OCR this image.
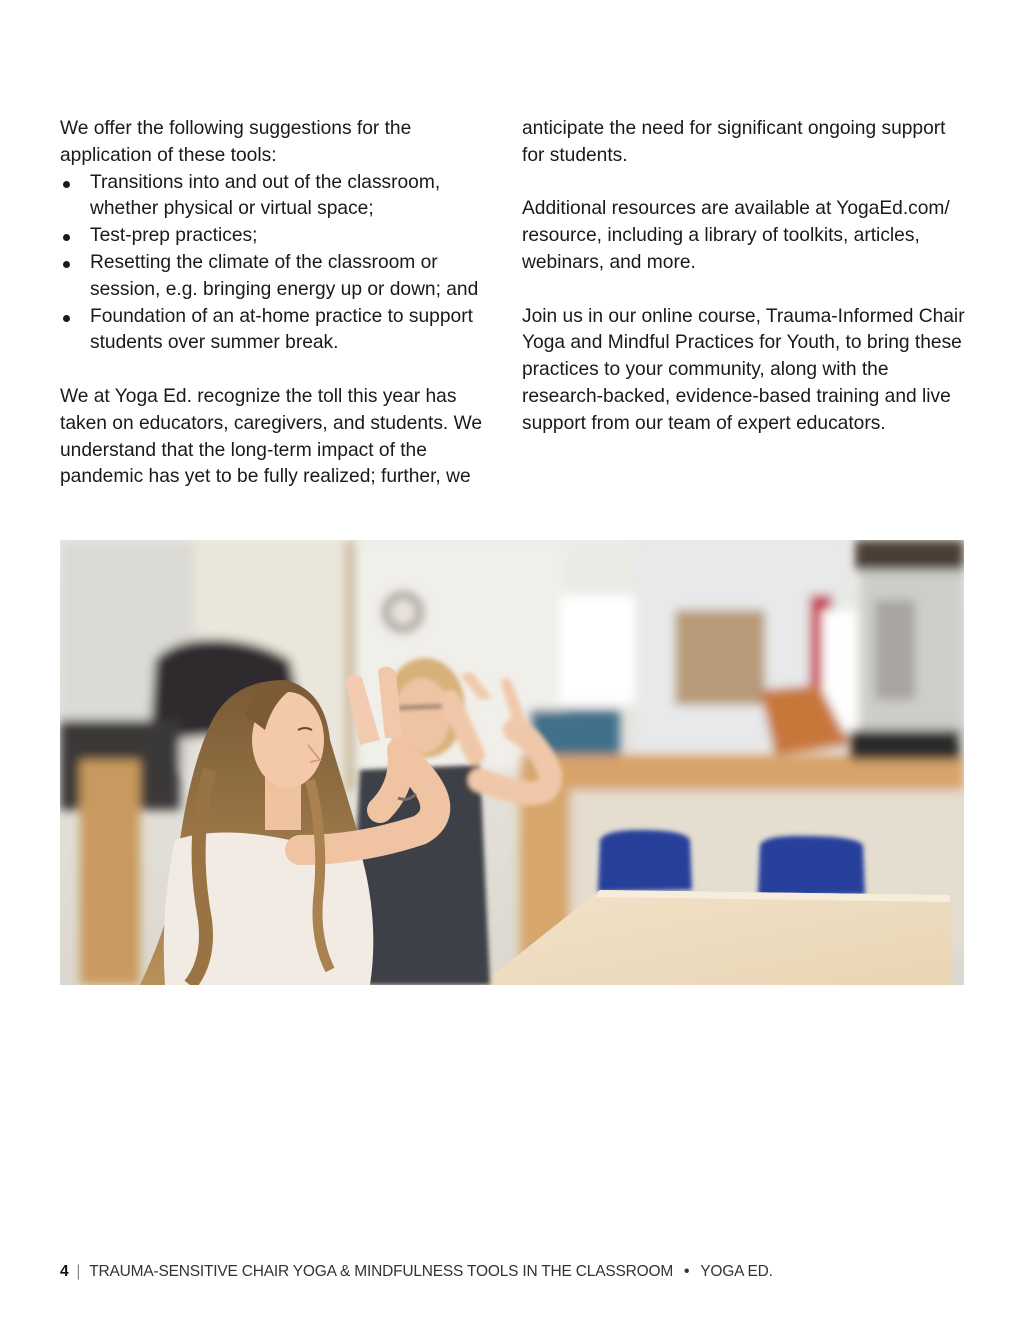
We offer the following suggestions for the application of these tools:

Transitions into and out of the classroom, whether physical or virtual space;
Test-prep practices;
Resetting the climate of the classroom or session, e.g. bringing energy up or down; and
Foundation of an at-home practice to support students over summer break.

We at Yoga Ed. recognize the toll this year has taken on educators, caregivers, and students. We understand that the long-term impact of the pandemic has yet to be fully realized; further, we

anticipate the need for significant ongoing support for students.

Additional resources are available at YogaEd.com/ resource, including a library of toolkits, articles, webinars, and more.

Join us in our online course, Trauma-Informed Chair Yoga and Mindful Practices for Youth, to bring these practices to your community, along with the research-backed, evidence-based training and live support from our team of expert educators.

4 | TRAUMA-SENSITIVE CHAIR YOGA & MINDFULNESS TOOLS IN THE CLASSROOM • YOGA ED.
